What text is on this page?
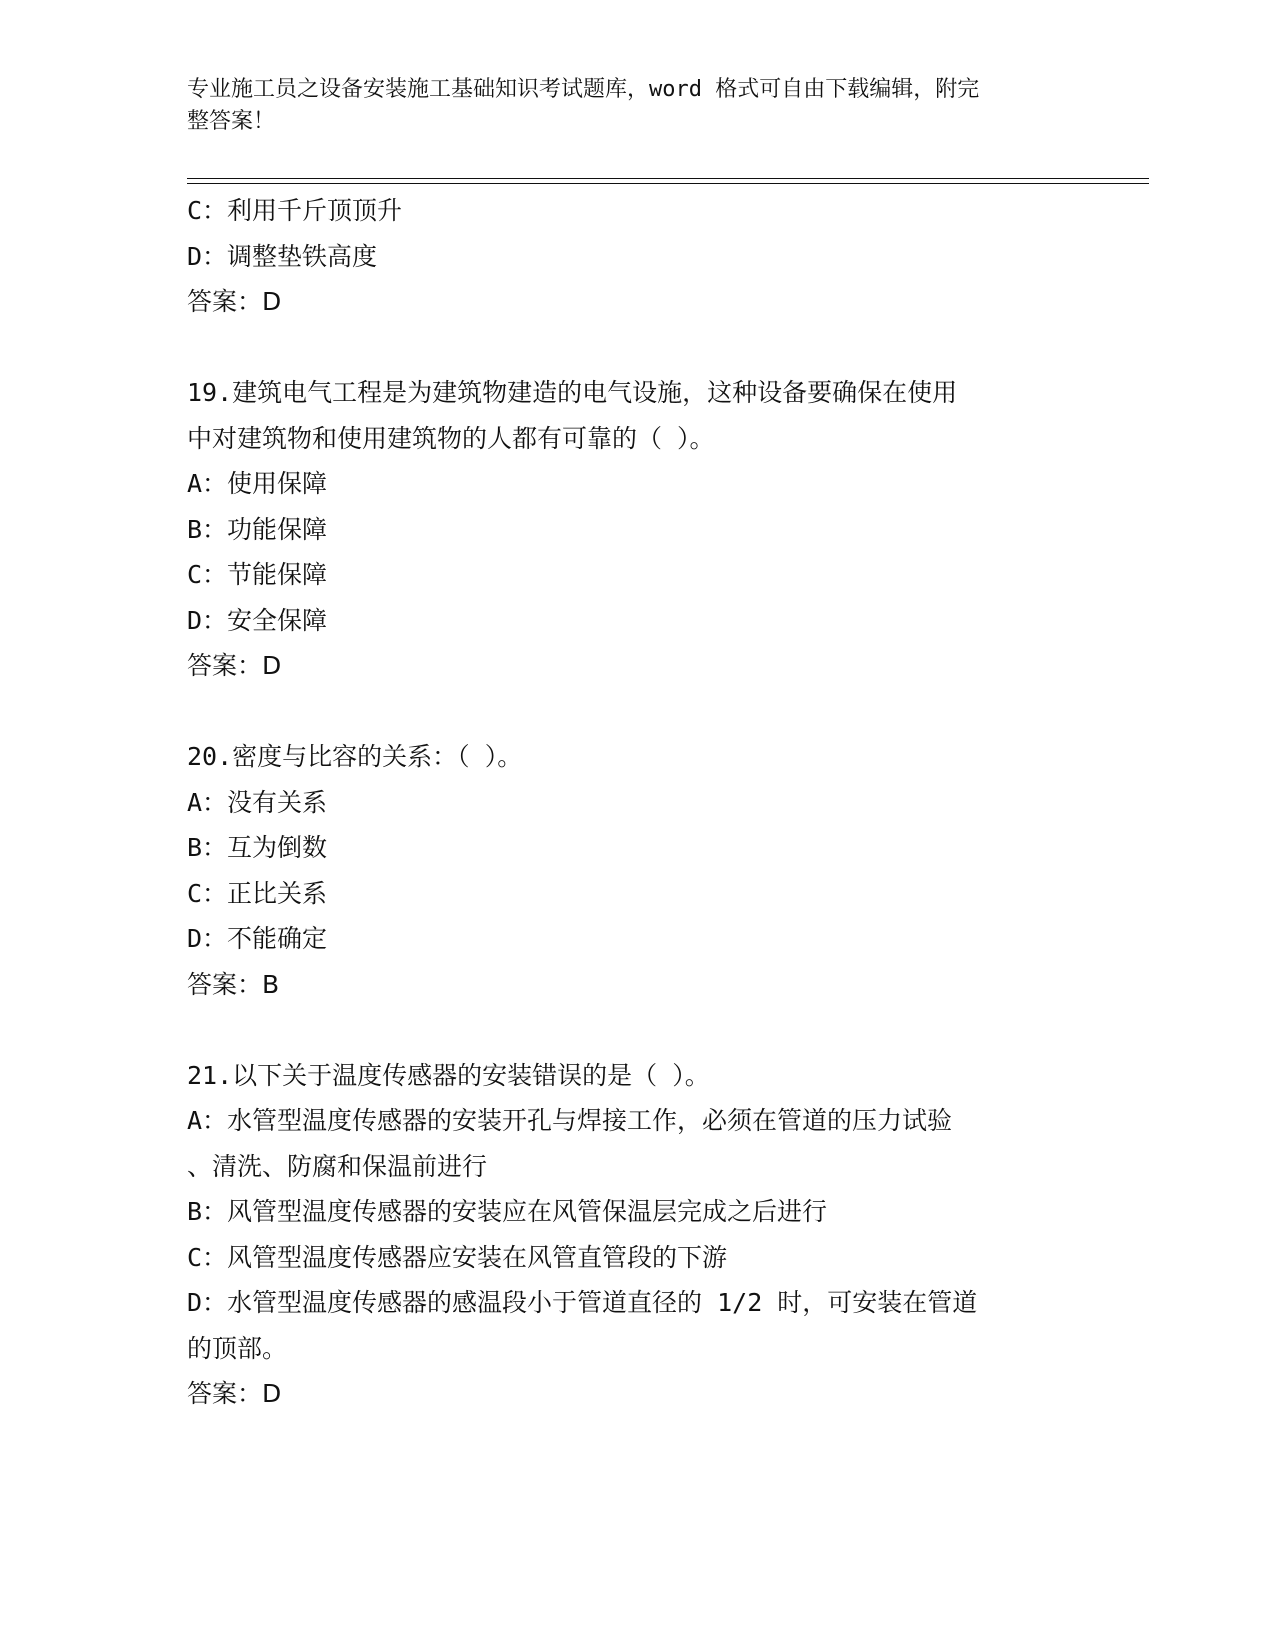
专业施工员之设备安装施工基础知识考试题库，word 格式可自由下载编辑，附完
整答案！
C：利用千斤顶顶升
D：调整垫铁高度
答案：D
19.建筑电气工程是为建筑物建造的电气设施，这种设备要确保在使用
中对建筑物和使用建筑物的人都有可靠的（ ）。
A：使用保障
B：功能保障
C：节能保障
D：安全保障
答案：D
20.密度与比容的关系：（ ）。
A：没有关系
B：互为倒数
C：正比关系
D：不能确定
答案：B
21.以下关于温度传感器的安装错误的是（ ）。
A：水管型温度传感器的安装开孔与焊接工作，必须在管道的压力试验
、清洗、防腐和保温前进行
B：风管型温度传感器的安装应在风管保温层完成之后进行
C：风管型温度传感器应安装在风管直管段的下游
D：水管型温度传感器的感温段小于管道直径的 1/2 时，可安装在管道
的顶部。
答案：D
